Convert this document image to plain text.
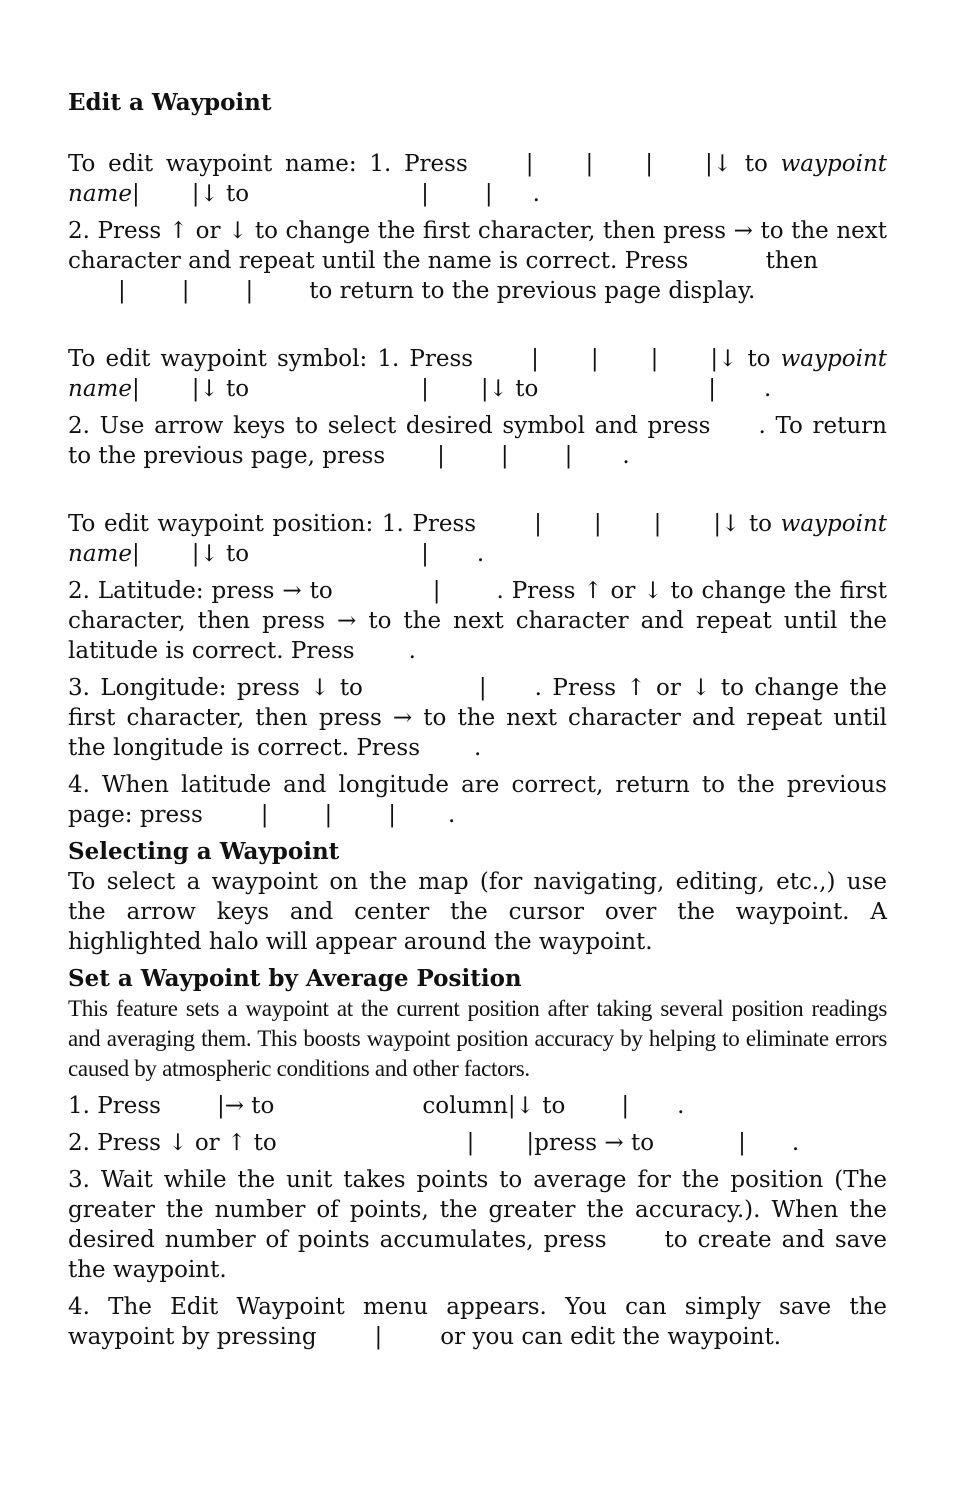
Edit a Waypoint

To edit waypoint name: 1. Press	| | | |↓ to waypoint name| |↓ to	| | .

2. Press ↑ or ↓ to change the first character, then press → to the next character and repeat until the name is correct. Press	then
| | | to return to the previous page display.

To edit waypoint symbol: 1. Press	| | | |↓ to waypoint name| |↓ to	| |↓ to	| .

2. Use arrow keys to select desired symbol and press . To return to the previous page, press | | | .

To edit waypoint position: 1. Press	| | | |↓ to waypoint name| |↓ to	| .

2. Latitude: press → to	| . Press ↑ or ↓ to change the first character, then press → to the next character and repeat until the latitude is correct. Press .

3. Longitude: press ↓ to	| . Press ↑ or ↓ to change the first character, then press → to the next character and repeat until the longitude is correct. Press .

4. When latitude and longitude are correct, return to the previous page: press	| | | .

Selecting a Waypoint

To select a waypoint on the map (for navigating, editing, etc.,) use the arrow keys and center the cursor over the waypoint. A highlighted halo will appear around the waypoint.

Set a Waypoint by Average Position

This feature sets a waypoint at the current position after taking several position readings and averaging them. This boosts waypoint position accuracy by helping to eliminate errors caused by atmospheric conditions and other factors.

1. Press |→ to	column|↓ to | .

2. Press ↓ or ↑ to	| |press → to	| .

3. Wait while the unit takes points to average for the position (The greater the number of points, the greater the accuracy.). When the desired number of points accumulates, press	to create and save the waypoint.

4. The Edit Waypoint menu appears. You can simply save the waypoint by pressing	|	or you can edit the waypoint.
